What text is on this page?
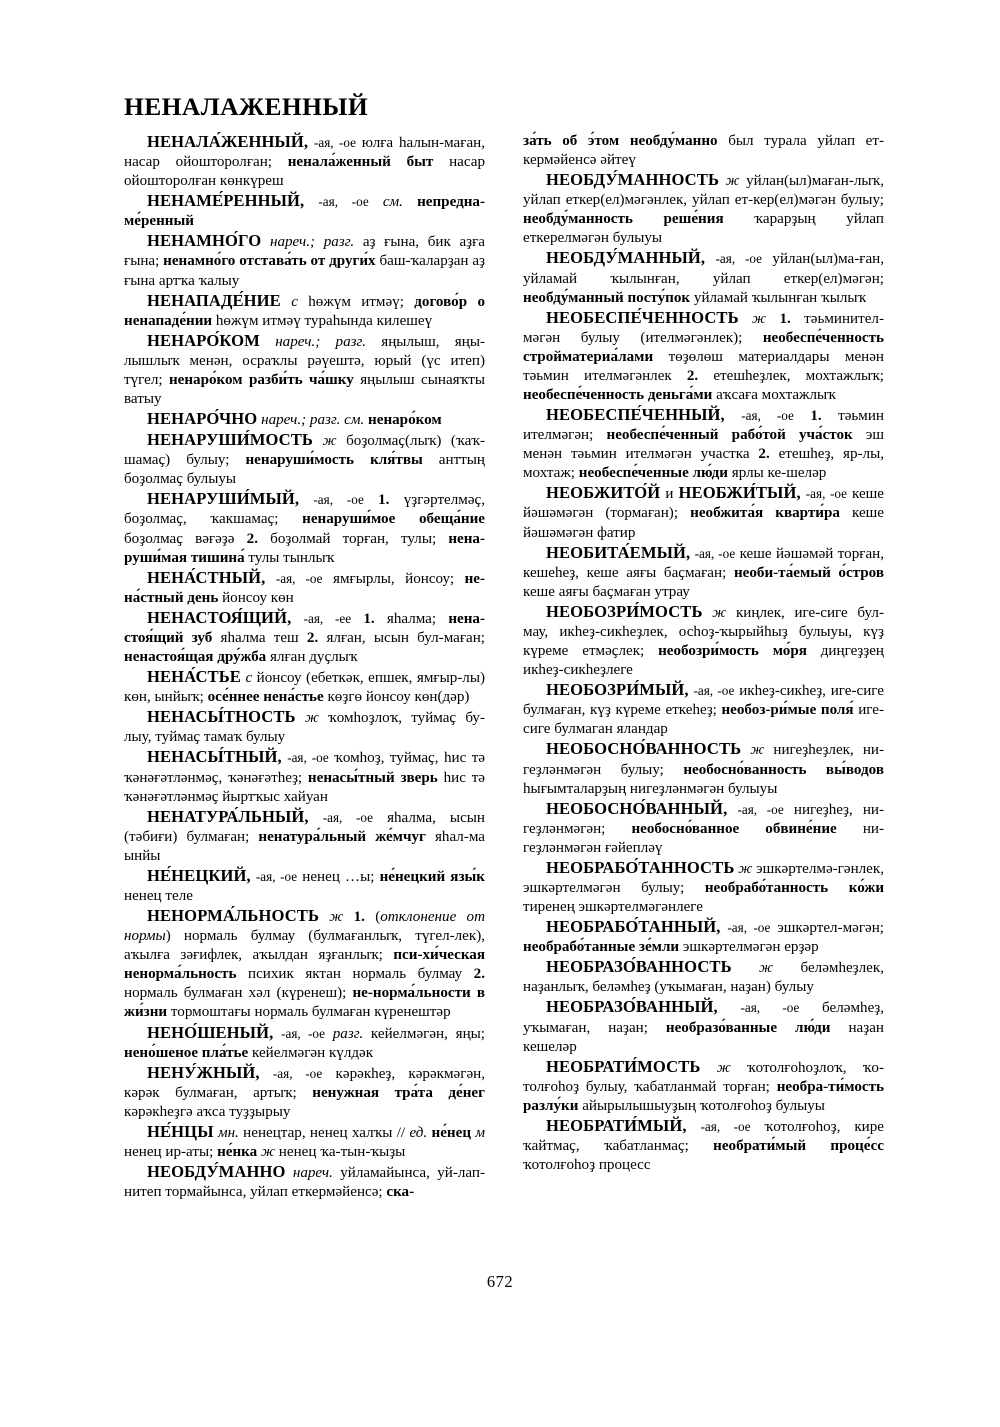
НЕНАЛАЖЕННЫЙ

НЕНАЛА́ЖЕННЫЙ, -ая, -ое юлға һалын-маған, насар ойошторолған; ненала́женный быт насар ойошторолған көнкүреш

НЕНАМЕ́РЕННЫЙ, -ая, -ое см. непредна-ме́ренный

НЕНАМНО́ГО нареч.; разг. аҙ ғына, бик аҙға ғына; ненамно́го отстава́ть от други́х баш-ҡаларҙан аҙ ғына артҡа ҡалыу

НЕНАПАДЕ́НИЕ с һөжүм итмәү; догово́р о ненападе́нии һөжүм итмәү тураһында килешеү

НЕНАРО́КОМ нареч.; разг. яңылыш, яңы-лышлыҡ менән, осраҡлы рәүештә, юрый (үс итеп) түгел; ненаро́ком разби́ть ча́шку яңылыш сынаяҡты ватыу

НЕНАРО́ЧНО нареч.; разг. см. ненаро́ком

НЕНАРУШИ́МОСТЬ ж боҙолмаҫ(лыҡ) (ҡаҡ-шамаҫ) булыу; ненаруши́мость кля́твы анттың боҙолмаҫ булыуы

НЕНАРУШИ́МЫЙ, -ая, -ое 1. үҙгәртелмәҫ, боҙолмаҫ, ҡакшамаҫ; ненаруши́мое обеща́ние боҙолмаҫ вәғәҙә 2. боҙолмай торған, тулы; нена-руши́мая тишина́ тулы тынлыҡ

НЕНА́СТНЫЙ, -ая, -ое ямғырлы, йонсоу; не-на́стный день йонсоу көн

НЕНАСТОЯ́ЩИЙ, -ая, -ее 1. яһалма; нена-стоя́щий зуб яһалма теш 2. ялған, ысын бул-маған; ненастоя́щая дру́жба ялған дуҫлыҡ

НЕНА́СТЬЕ с йонсоу (ебеткәк, епшек, ямғыр-лы) көн, ынйыҡ; осе́ннее нена́стье көҙгө йонсоу көн(дәр)

НЕНАСЫ́ТНОСТЬ ж ҡомһоҙлоҡ, туймаҫ бу-лыу, туймаҫ тамаҡ булыу

НЕНАСЫ́ТНЫЙ, -ая, -ое ҡомһоҙ, туймаҫ, һис тә ҡәнәғәтләнмәҫ, ҡәнәғәтһеҙ; ненасы́тный зверь һис тә ҡәнәғәтләнмәҫ йыртҡыс хайуан

НЕНАТУРА́ЛЬНЫЙ, -ая, -ое яһалма, ысын (тәбиғи) булмаған; ненатура́льный же́мчуг яһал-ма ынйы

НЕ́НЕЦКИЙ, -ая, -ое ненец …ы; не́нецкий язы́к ненец теле

НЕНОРМА́ЛЬНОСТЬ ж 1. (отклонение от нормы) нормаль булмау (булмағанлыҡ, түгел-лек), аҡылға зәғифлек, аҡылдан яҙғанлыҡ; пси-хи́ческая ненорма́льность психик яктан нормаль булмау 2. нормаль булмаған хәл (күренеш); не-норма́льности в жи́зни тормоштағы нормаль булмаған күренештәр

НЕНО́ШЕНЫЙ, -ая, -ое разг. кейелмәгән, яңы; нено́шеное пла́тье кейелмәгән күлдәк

НЕНУ́ЖНЫЙ, -ая, -ое кәрәкһеҙ, кәрәкмәгән, кәрәк булмаған, артыҡ; ненужная тра́та де́нег кәрәкһеҙгә аҡса туҙҙырыу

НЕ́НЦЫ мн. ненецтар, ненец халҡы // ед. не́нец м ненец ир-аты; не́нка ж ненец ҡа-тын-ҡыҙы

НЕОБДУ́МАННО нареч. уйламайынса, уй-лап-нитеп тормайынса, уйлап еткермәйенсә; ска-

за́ть об э́том необду́манно был турала уйлап ет-кермәйенсә әйтеү

НЕОБДУ́МАННОСТЬ ж уйлан(ыл)маған-лыҡ, уйлап еткер(ел)мәгәнлек, уйлап ет-кер(ел)мәгән булыу; необду́манность реше́ния ҡарарҙың уйлап еткерелмәгән булыуы

НЕОБДУ́МАННЫЙ, -ая, -ое уйлан(ыл)ма-ған, уйламай ҡылынған, уйлап еткер(ел)мәгән; необду́манный посту́пок уйламай ҡылынған ҡылыҡ

НЕОБЕСПЕ́ЧЕННОСТЬ ж 1. тәьминител-мәгән булыу (ителмәгәнлек); необеспе́ченность стройматериа́лами төҙөлөш материалдары менән тәьмин ителмәгәнлек 2. етешһеҙлек, мохтажлыҡ; необеспе́ченность деньга́ми аҡсаға мохтажлыҡ

НЕОБЕСПЕ́ЧЕННЫЙ, -ая, -ое 1. тәьмин ителмәгән; необеспе́ченный рабо́той уча́сток эш менән тәьмин ителмәгән участка 2. етешһеҙ, яр-лы, мохтаж; необеспе́ченные лю́ди ярлы ке-шеләр

НЕОБЖИТО́Й и НЕОБЖИ́ТЫЙ, -ая, -ое кеше йәшәмәгән (тормаған); необжита́я кварти́ра кеше йәшәмәгән фатир

НЕОБИТА́ЕМЫЙ, -ая, -ое кеше йәшәмәй торған, кешеһеҙ, кеше аяғы баҫмаған; необи-та́емый о́стров кеше аяғы баҫмаған утрау

НЕОБОЗРИ́МОСТЬ ж киңлек, иге-сиге бул-мау, икһеҙ-сикһеҙлек, осһоҙ-ҡырыйһыҙ булыуы, күҙ күреме етмәҫлек; необозри́мость мо́ря диңгеҙҙең икһеҙ-сикһеҙлеге

НЕОБОЗРИ́МЫЙ, -ая, -ое икһеҙ-сикһеҙ, иге-сиге булмаған, күҙ күреме еткеһеҙ; необоз-ри́мые поля́ иге-сиге булмаган яландар

НЕОБОСНО́ВАННОСТЬ ж нигеҙһеҙлек, ни-геҙләнмәгән булыу; необосно́ванность вы́водов һығымталарҙың нигеҙләнмәгән булыуы

НЕОБОСНО́ВАННЫЙ, -ая, -ое нигеҙһеҙ, ни-геҙләнмәгән; необосно́ванное обвине́ние ни-геҙләнмәгән ғәйепләү

НЕОБРАБО́ТАННОСТЬ ж эшкәртелмә-гәнлек, эшкәртелмәгән булыу; необрабо́танность ко́жи тиренең эшкәртелмәгәнлеге

НЕОБРАБО́ТАННЫЙ, -ая, -ое эшкәртел-мәгән; необрабо́танные зе́мли эшкәртелмәгән ерҙәр

НЕОБРАЗО́ВАННОСТЬ ж беләмһеҙлек, наҙанлыҡ, беләмһеҙ (уҡымаған, наҙан) булыу

НЕОБРАЗО́ВАННЫЙ, -ая, -ое беләмһеҙ, уҡымаған, наҙан; необразо́ванные лю́ди наҙан кешеләр

НЕОБРАТИ́МОСТЬ ж ҡотолғоһоҙлоҡ, ҡо-толғоһоҙ булыу, ҡабатланмай торған; необра-ти́мость разлу́ки айырылышыуҙың ҡотолғоһоҙ булыуы

НЕОБРАТИ́МЫЙ, -ая, -ое ҡотолғоһоҙ, кире ҡайтмаҫ, ҡабатланмаҫ; необрати́мый проце́сс ҡотолғоһоҙ процесс

672
